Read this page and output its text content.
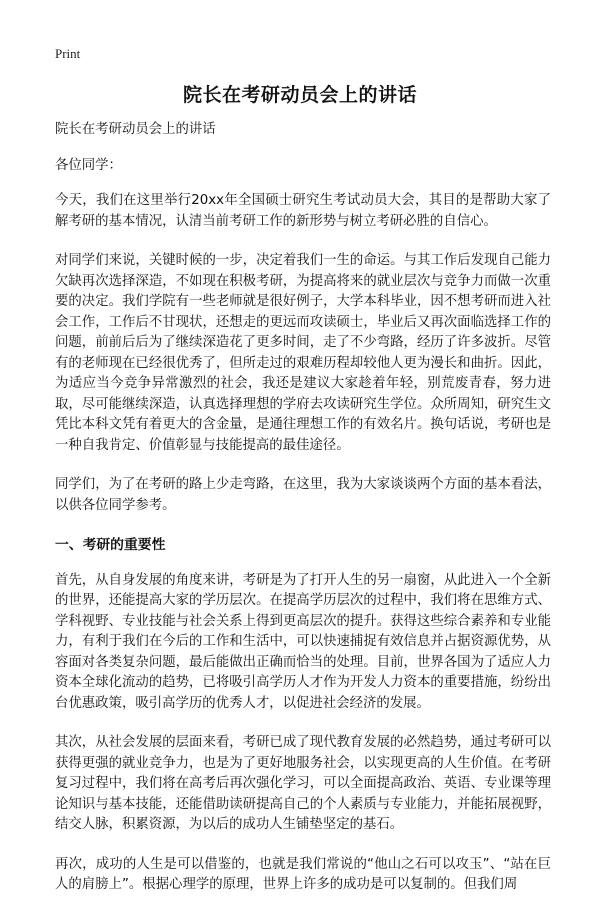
Print
院长在考研动员会上的讲话

院长在考研动员会上的讲话

各位同学：

今天，我们在这里举行20xx年全国硕士研究生考试动员大会，其目的是帮助大家了解考研的基本情况，认清当前考研工作的新形势与树立考研必胜的自信心。

对同学们来说，关键时候的一步，决定着我们一生的命运。与其工作后发现自己能力欠缺再次选择深造，不如现在积极考研，为提高将来的就业层次与竞争力而做一次重要的决定。我们学院有一些老师就是很好例子，大学本科毕业，因不想考研而进入社会工作，工作后不甘现状，还想走的更远而攻读硕士，毕业后又再次面临选择工作的问题，前前后后为了继续深造花了更多时间，走了不少弯路，经历了许多波折。尽管有的老师现在已经很优秀了，但所走过的艰难历程却较他人更为漫长和曲折。因此，为适应当今竞争异常激烈的社会，我还是建议大家趁着年轻，别荒废青春，努力进取，尽可能继续深造，认真选择理想的学府去攻读研究生学位。众所周知，研究生文凭比本科文凭有着更大的含金量，是通往理想工作的有效名片。换句话说，考研也是一种自我肯定、价值彰显与技能提高的最佳途径。

同学们，为了在考研的路上少走弯路，在这里，我为大家谈谈两个方面的基本看法，以供各位同学参考。

一、考研的重要性

首先，从自身发展的角度来讲，考研是为了打开人生的另一扇窗，从此进入一个全新的世界，还能提高大家的学历层次。在提高学历层次的过程中，我们将在思维方式、学科视野、专业技能与社会关系上得到更高层次的提升。获得这些综合素养和专业能力，有利于我们在今后的工作和生活中，可以快速捕捉有效信息并占据资源优势，从容面对各类复杂问题，最后能做出正确而恰当的处理。目前，世界各国为了适应人力资本全球化流动的趋势，已将吸引高学历人才作为开发人力资本的重要措施，纷纷出台优惠政策，吸引高学历的优秀人才，以促进社会经济的发展。

其次，从社会发展的层面来看，考研已成了现代教育发展的必然趋势，通过考研可以获得更强的就业竞争力，也是为了更好地服务社会，以实现更高的人生价值。在考研复习过程中，我们将在高考后再次强化学习，可以全面提高政治、英语、专业课等理论知识与基本技能，还能借助读研提高自己的个人素质与专业能力，并能拓展视野，结交人脉，积累资源，为以后的成功人生铺垫坚定的基石。

再次，成功的人生是可以借鉴的，也就是我们常说的“他山之石可以攻玉”、“站在巨人的肩膀上”。根据心理学的原理，世界上许多的成功是可以复制的。但我们周
